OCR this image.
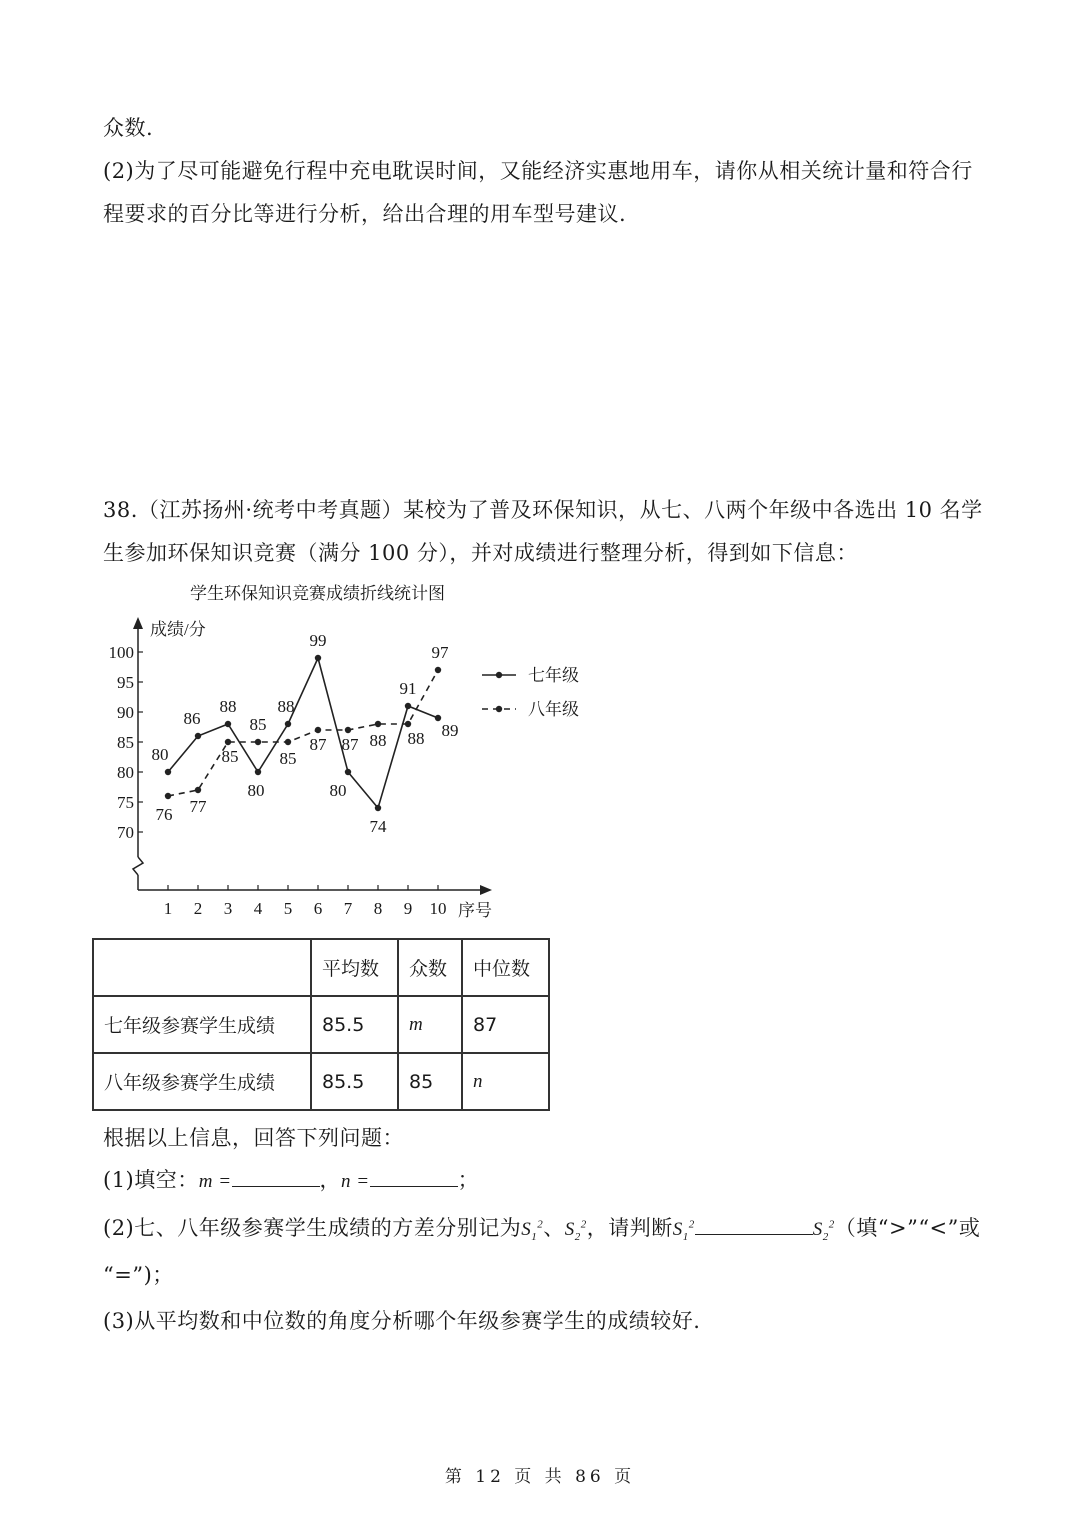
众数.
(2)为了尽可能避免行程中充电耽误时间，又能经济实惠地用车，请你从相关统计量和符合行
程要求的百分比等进行分析，给出合理的用车型号建议.
38.（江苏扬州·统考中考真题）某校为了普及环保知识，从七、八两个年级中各选出 10 名学
生参加环保知识竞赛（满分 100 分），并对成绩进行整理分析，得到如下信息：
学生环保知识竞赛成绩折线统计图
成绩/分
序号
70
75
80
85
90
95
100
1 2 3 4 5 6 7 8 9 10
80
86
88
80
88
99
80
74
91
89
76 77
85
85
85
87 87 88 88
97
七年级
八年级
	平均数	众数	中位数
七年级参赛学生成绩	85.5	m	87
八年级参赛学生成绩	85.5	85	n
根据以上信息，回答下列问题：
(1)填空：m =	，n =	；
(2)七、八年级参赛学生成绩的方差分别记为$S_1^2$、$S_2^2$，请判断$S_1^2$	$S_2^2$（填“>”“<”或
“=”)；
(3)从平均数和中位数的角度分析哪个年级参赛学生的成绩较好.
第 12 页 共 86 页
